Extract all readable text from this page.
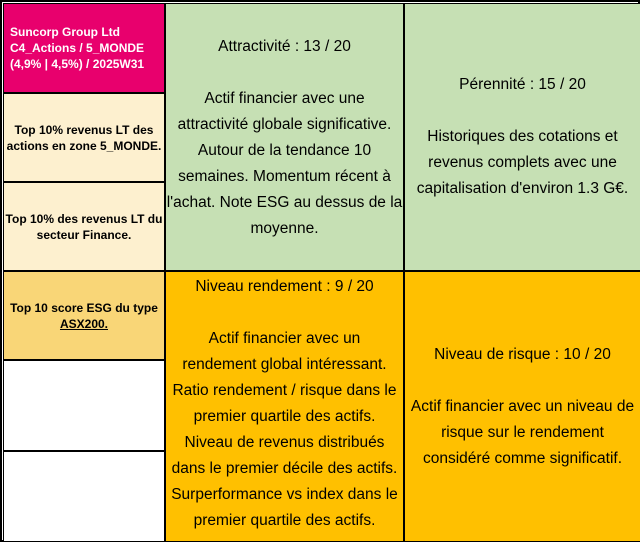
Suncorp Group Ltd
C4_Actions / 5_MONDE
(4,9% | 4,5%) / 2025W31
Top 10% revenus LT des
actions en zone 5_MONDE.
Top 10% des revenus LT du
secteur Finance.
Top 10 score ESG du type
ASX200.
Attractivité : 13 / 20
Actif financier avec une
attractivité globale significative.
Autour de la tendance 10
semaines. Momentum récent à
l'achat. Note ESG au dessus de la
moyenne.
Pérennité : 15 / 20
Historiques des cotations et
revenus complets avec une
capitalisation d'environ 1.3 G€.
Niveau rendement : 9 / 20
Actif financier avec un
rendement global intéressant.
Ratio rendement / risque dans le
premier quartile des actifs.
Niveau de revenus distribués
dans le premier décile des actifs.
Surperformance vs index dans le
premier quartile des actifs.
Niveau de risque : 10 / 20
Actif financier avec un niveau de
risque sur le rendement
considéré comme significatif.
